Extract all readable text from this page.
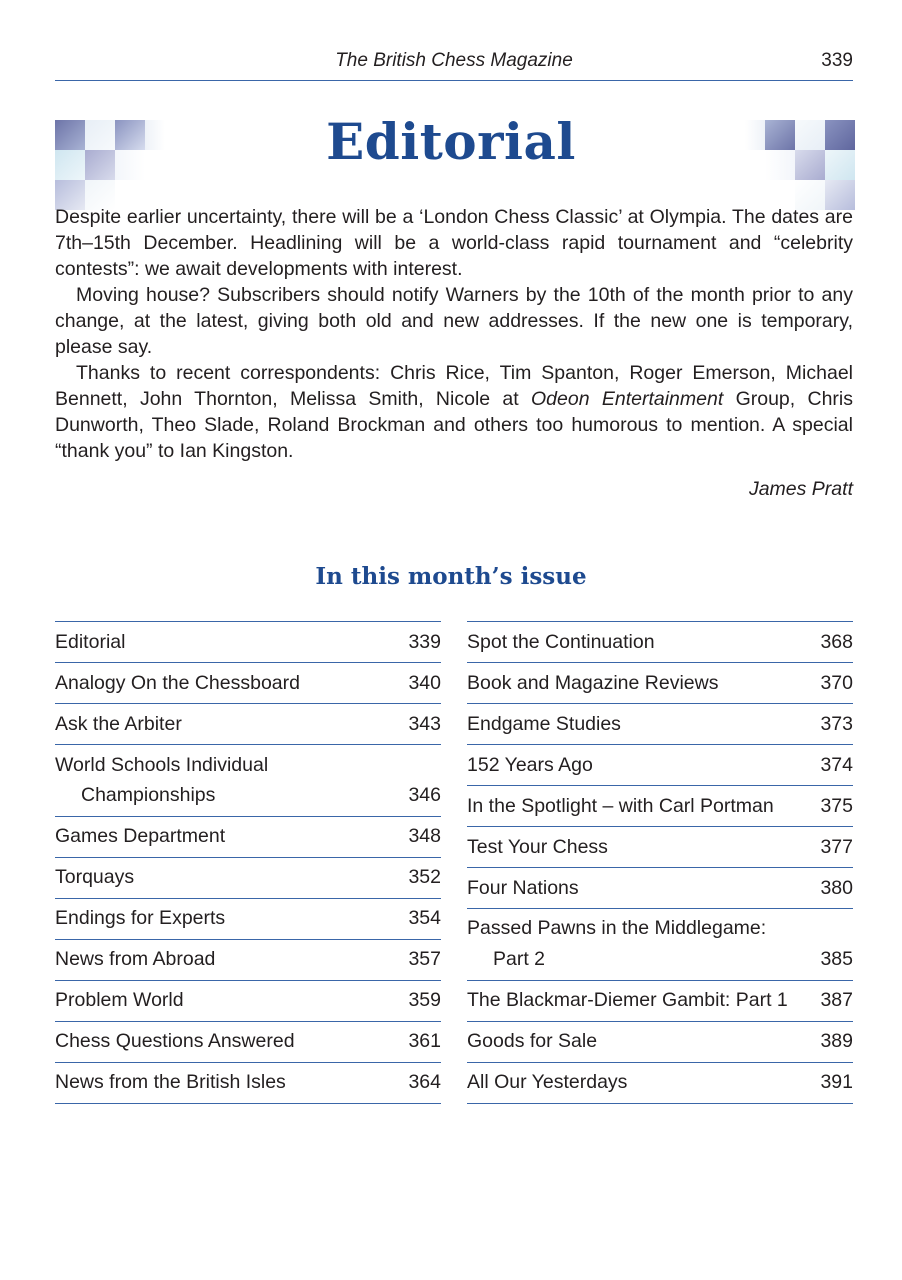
The British Chess Magazine	339
Editorial

Despite earlier uncertainty, there will be a ‘London Chess Classic’ at Olympia. The dates are 7th–15th December. Headlining will be a world-class rapid tournament and “celebrity contests”: we await developments with interest.

Moving house? Subscribers should notify Warners by the 10th of the month prior to any change, at the latest, giving both old and new addresses. If the new one is temporary, please say.

Thanks to recent correspondents: Chris Rice, Tim Spanton, Roger Emerson, Michael Bennett, John Thornton, Melissa Smith, Nicole at Odeon Entertainment Group, Chris Dunworth, Theo Slade, Roland Brockman and others too humorous to mention. A special “thank you” to Ian Kingston.

James Pratt

In this month’s issue
Editorial	339
Analogy On the Chessboard	340
Ask the Arbiter	343
World Schools Individual
Championships	346
Games Department	348
Torquays	352
Endings for Experts	354
News from Abroad	357
Problem World	359
Chess Questions Answered	361
News from the British Isles	364
Spot the Continuation	368
Book and Magazine Reviews	370
Endgame Studies	373
152 Years Ago	374
In the Spotlight – with Carl Portman	375
Test Your Chess	377
Four Nations	380
Passed Pawns in the Middlegame:
Part 2	385
The Blackmar-Diemer Gambit: Part 1	387
Goods for Sale	389
All Our Yesterdays	391
